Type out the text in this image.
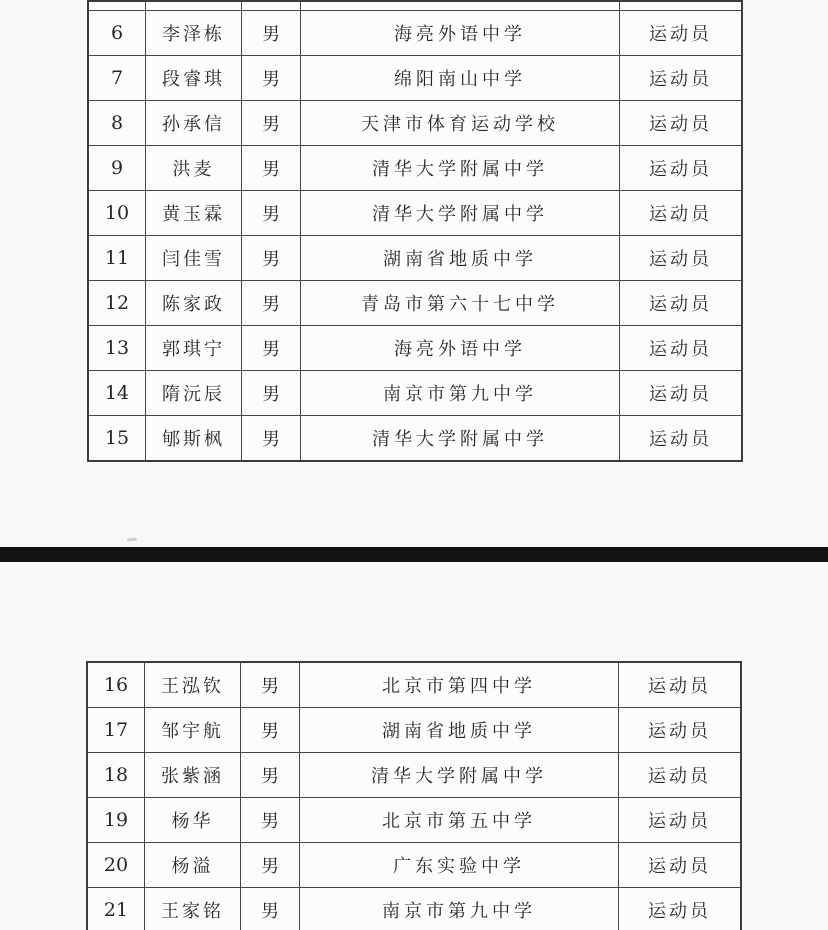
6	李泽栋	男	海亮外语中学	运动员
7	段睿琪	男	绵阳南山中学	运动员
8	孙承信	男	天津市体育运动学校	运动员
9	洪麦	男	清华大学附属中学	运动员
10	黄玉霖	男	清华大学附属中学	运动员
11	闫佳雪	男	湖南省地质中学	运动员
12	陈家政	男	青岛市第六十七中学	运动员
13	郭琪宁	男	海亮外语中学	运动员
14	隋沅辰	男	南京市第九中学	运动员
15	郇斯枫	男	清华大学附属中学	运动员
16	王泓钦	男	北京市第四中学	运动员
17	邹宇航	男	湖南省地质中学	运动员
18	张紫涵	男	清华大学附属中学	运动员
19	杨华	男	北京市第五中学	运动员
20	杨溢	男	广东实验中学	运动员
21	王家铭	男	南京市第九中学	运动员
